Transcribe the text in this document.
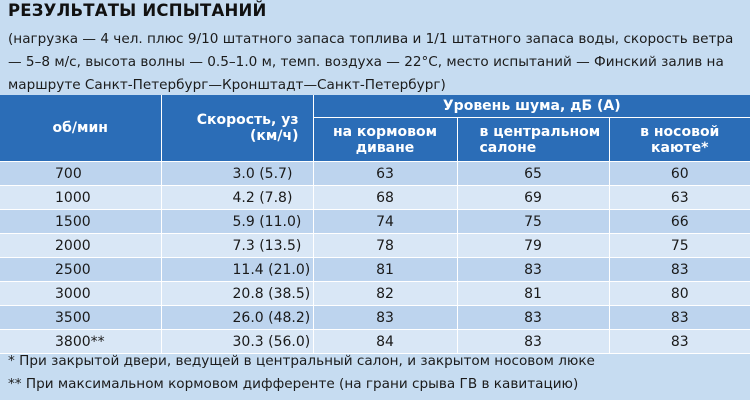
РЕЗУЛЬТАТЫ ИСПЫТАНИЙ
(нагрузка — 4 чел. плюс 9/10 штатного запаса топлива и 1/1 штатного запаса воды, скорость ветра — 5–8 м/с, высота волны — 0.5–1.0 м, темп. воздуха — 22°С, место испытаний — Финский залив на маршруте Санкт-Петербург—Кронштадт—Санкт-Петербург)
об/мин	Скорость, уз (км/ч)	Уровень шума, дБ (А)		
		на кормовом диване	в центральном салоне	в носовой каюте*
700	3.0 (5.7)	63	65	60
1000	4.2 (7.8)	68	69	63
1500	5.9 (11.0)	74	75	66
2000	7.3 (13.5)	78	79	75
2500	11.4 (21.0)	81	83	83
3000	20.8 (38.5)	82	81	80
3500	26.0 (48.2)	83	83	83
3800**	30.3 (56.0)	84	83	83
* При закрытой двери, ведущей в центральный салон, и закрытом носовом люке
** При максимальном кормовом дифференте (на грани срыва ГВ в кавитацию)
